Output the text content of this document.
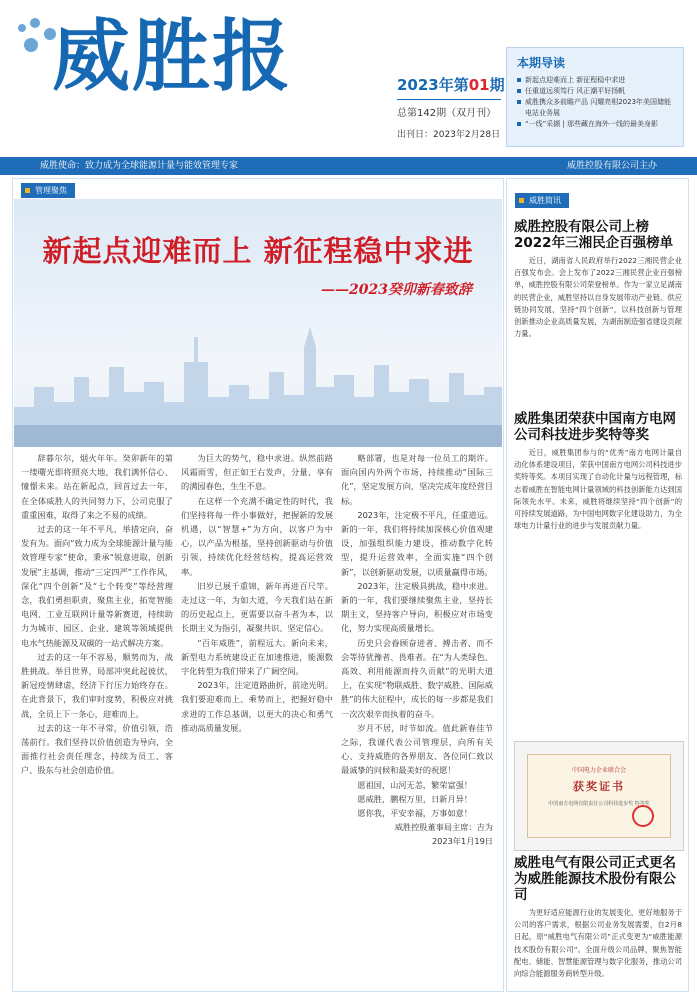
威胜报	2023年第01期
总第142期（双月刊）
出刊日：2023年2月28日
本期导读
新起点迎难而上 新征程稳中求进
任重道远须笃行 风正潮平好扬帆
威胜携众多前瞻产品 闪耀亮相2023年美国储能电站业务展
“一线”采撷 | 那些藏在海外一线的最美身影
威胜使命：致力成为全球能源计量与能效管理专家	威胜控股有限公司主办
管理聚焦
新起点迎难而上 新征程稳中求进
——2023癸卯新春致辞

辞暮尔尔，烟火年年。癸卯新年的第一缕曙光即将照亮大地，我们满怀信心、憧憬未来。站在新起点，回首过去一年，在全体威胜人的共同努力下，公司克服了重重困难，取得了来之不易的成绩。

过去的这一年不平凡，举措定向，奋发有为。面向“致力成为全球能源计量与能效管理专家”使命，秉承“锐意进取，创新发展”主基调，推动“三定四严”工作作风，深化“四个创新”及“七个转变”等经营理念，我们勇担职责，聚焦主业，拓宽智能电网、工业互联网计量等新赛道，持续助力为城市、园区、企业、建筑等领域提供电水气热能源及双碳的一站式解决方案。

过去的这一年不容易，顺势而为，战胜挑战。举目世界，局部冲突此起彼伏，新冠疫情肆虐，经济下行压力始终存在。在此背景下，我们审时度势，积极应对挑战，全员上下一条心，迎难而上。

过去的这一年不寻常，价值引领，浩荡前行。我们坚持以价值创造为导向，全面推行社会责任理念，持续为员工、客户、股东与社会创造价值。

为巨大的势气，稳中求进。纵然前路风霜雨雪，但正如王右发声，分量、享有的满园春色，生生不息。

在这样一个充满不确定性的时代，我们坚持将每一件小事做好，把握新的发展机遇，以“智慧+”为方向，以客户为中心，以产品为根基，坚持创新驱动与价值引领，持续优化经营结构，提高运营效率。

旧岁已展千重锦，新年再进百尺竿。走过这一年，为如大道，今天我们站在新的历史起点上，更需要以奋斗者为本，以长期主义为指引，凝聚共识、坚定信心。

“百年威胜”，前程远大。新向未来，新型电力系统建设正在加速推进，能源数字化转型为我们带来了广阔空间。

2023年，注定道路曲折，前途光明。我们要迎难而上、乘势而上，把握好稳中求进的工作总基调，以更大的决心和勇气推动高质量发展。

略部署，也是对每一位员工的期许。面向国内外两个市场，持续推动“国际三化”，坚定发展方向，坚决完成年度经营目标。

2023年，注定极不平凡，任重道远。新的一年，我们将持续加深核心价值观建设，加强组织能力建设，推动数字化转型，提升运营效率，全面实施“四个创新”，以创新驱动发展，以质量赢得市场。

2023年，注定极具挑战，稳中求进。新的一年，我们要继续聚焦主业，坚持长期主义，坚持客户导向，积极应对市场变化，努力实现高质量增长。

历史只会眷顾奋进者、搏击者、而不会等待犹豫者、畏难者。在“为人类绿色、高效、利用能源而持久贡献”的光明大道上，在实现“物联威胜、数字威胜、国际威胜”的伟大征程中，成长的每一步都是我们一次次艰辛而执着的奋斗。

岁月不居，时节如流。值此新春佳节之际，我谨代表公司管理层，向所有关心、支持威胜的各界朋友、各位同仁致以最诚挚的问候和最美好的祝愿！

愿祖国，山河无恙，繁荣富强！

愿威胜，鹏程万里，日新月异！

愿你我，平安幸福，万事如意！

威胜控股董事局主席：吉为

2023年1月19日

威胜简讯
威胜控股有限公司上榜2022年三湘民企百强榜单

近日，湖南省人民政府举行2022三湘民营企业百强发布会。会上发布了2022三湘民营企业百强榜单，威胜控股有限公司荣登榜单。作为一家立足湖南的民营企业，威胜坚持以自身发展带动产业链、供应链协同发展，坚持“四个创新”，以科技创新与管理创新推动企业高质量发展，为湖南制造强省建设贡献力量。

威胜集团荣获中国南方电网公司科技进步奖特等奖

近日，威胜集团参与的“优秀”南方电网计量自动化体系建设项目，荣获中国南方电网公司科技进步奖特等奖。本项目实现了自动化计量与远程管理，标志着威胜在智能电网计量领域的科技创新能力达到国际领先水平。未来，威胜将继续坚持“四个创新”的可持续发展道路，为中国电网数字化建设助力，为全球电力计量行业的进步与发展贡献力量。

中国电力企业联合会
获奖证书
中国南方电网有限责任公司科技进步奖 特等奖
威胜电气有限公司正式更名为威胜能源技术股份有限公司

为更好适应能源行业的发展变化，更好地服务于公司的客户需求，根据公司业务发展需要，自2月8日起，原“威胜电气有限公司”正式变更为“威胜能源技术股份有限公司”。全面升级公司品牌，聚焦智能配电、储能、智慧能源管理与数字化服务，推动公司向综合能源服务商转型升级。
